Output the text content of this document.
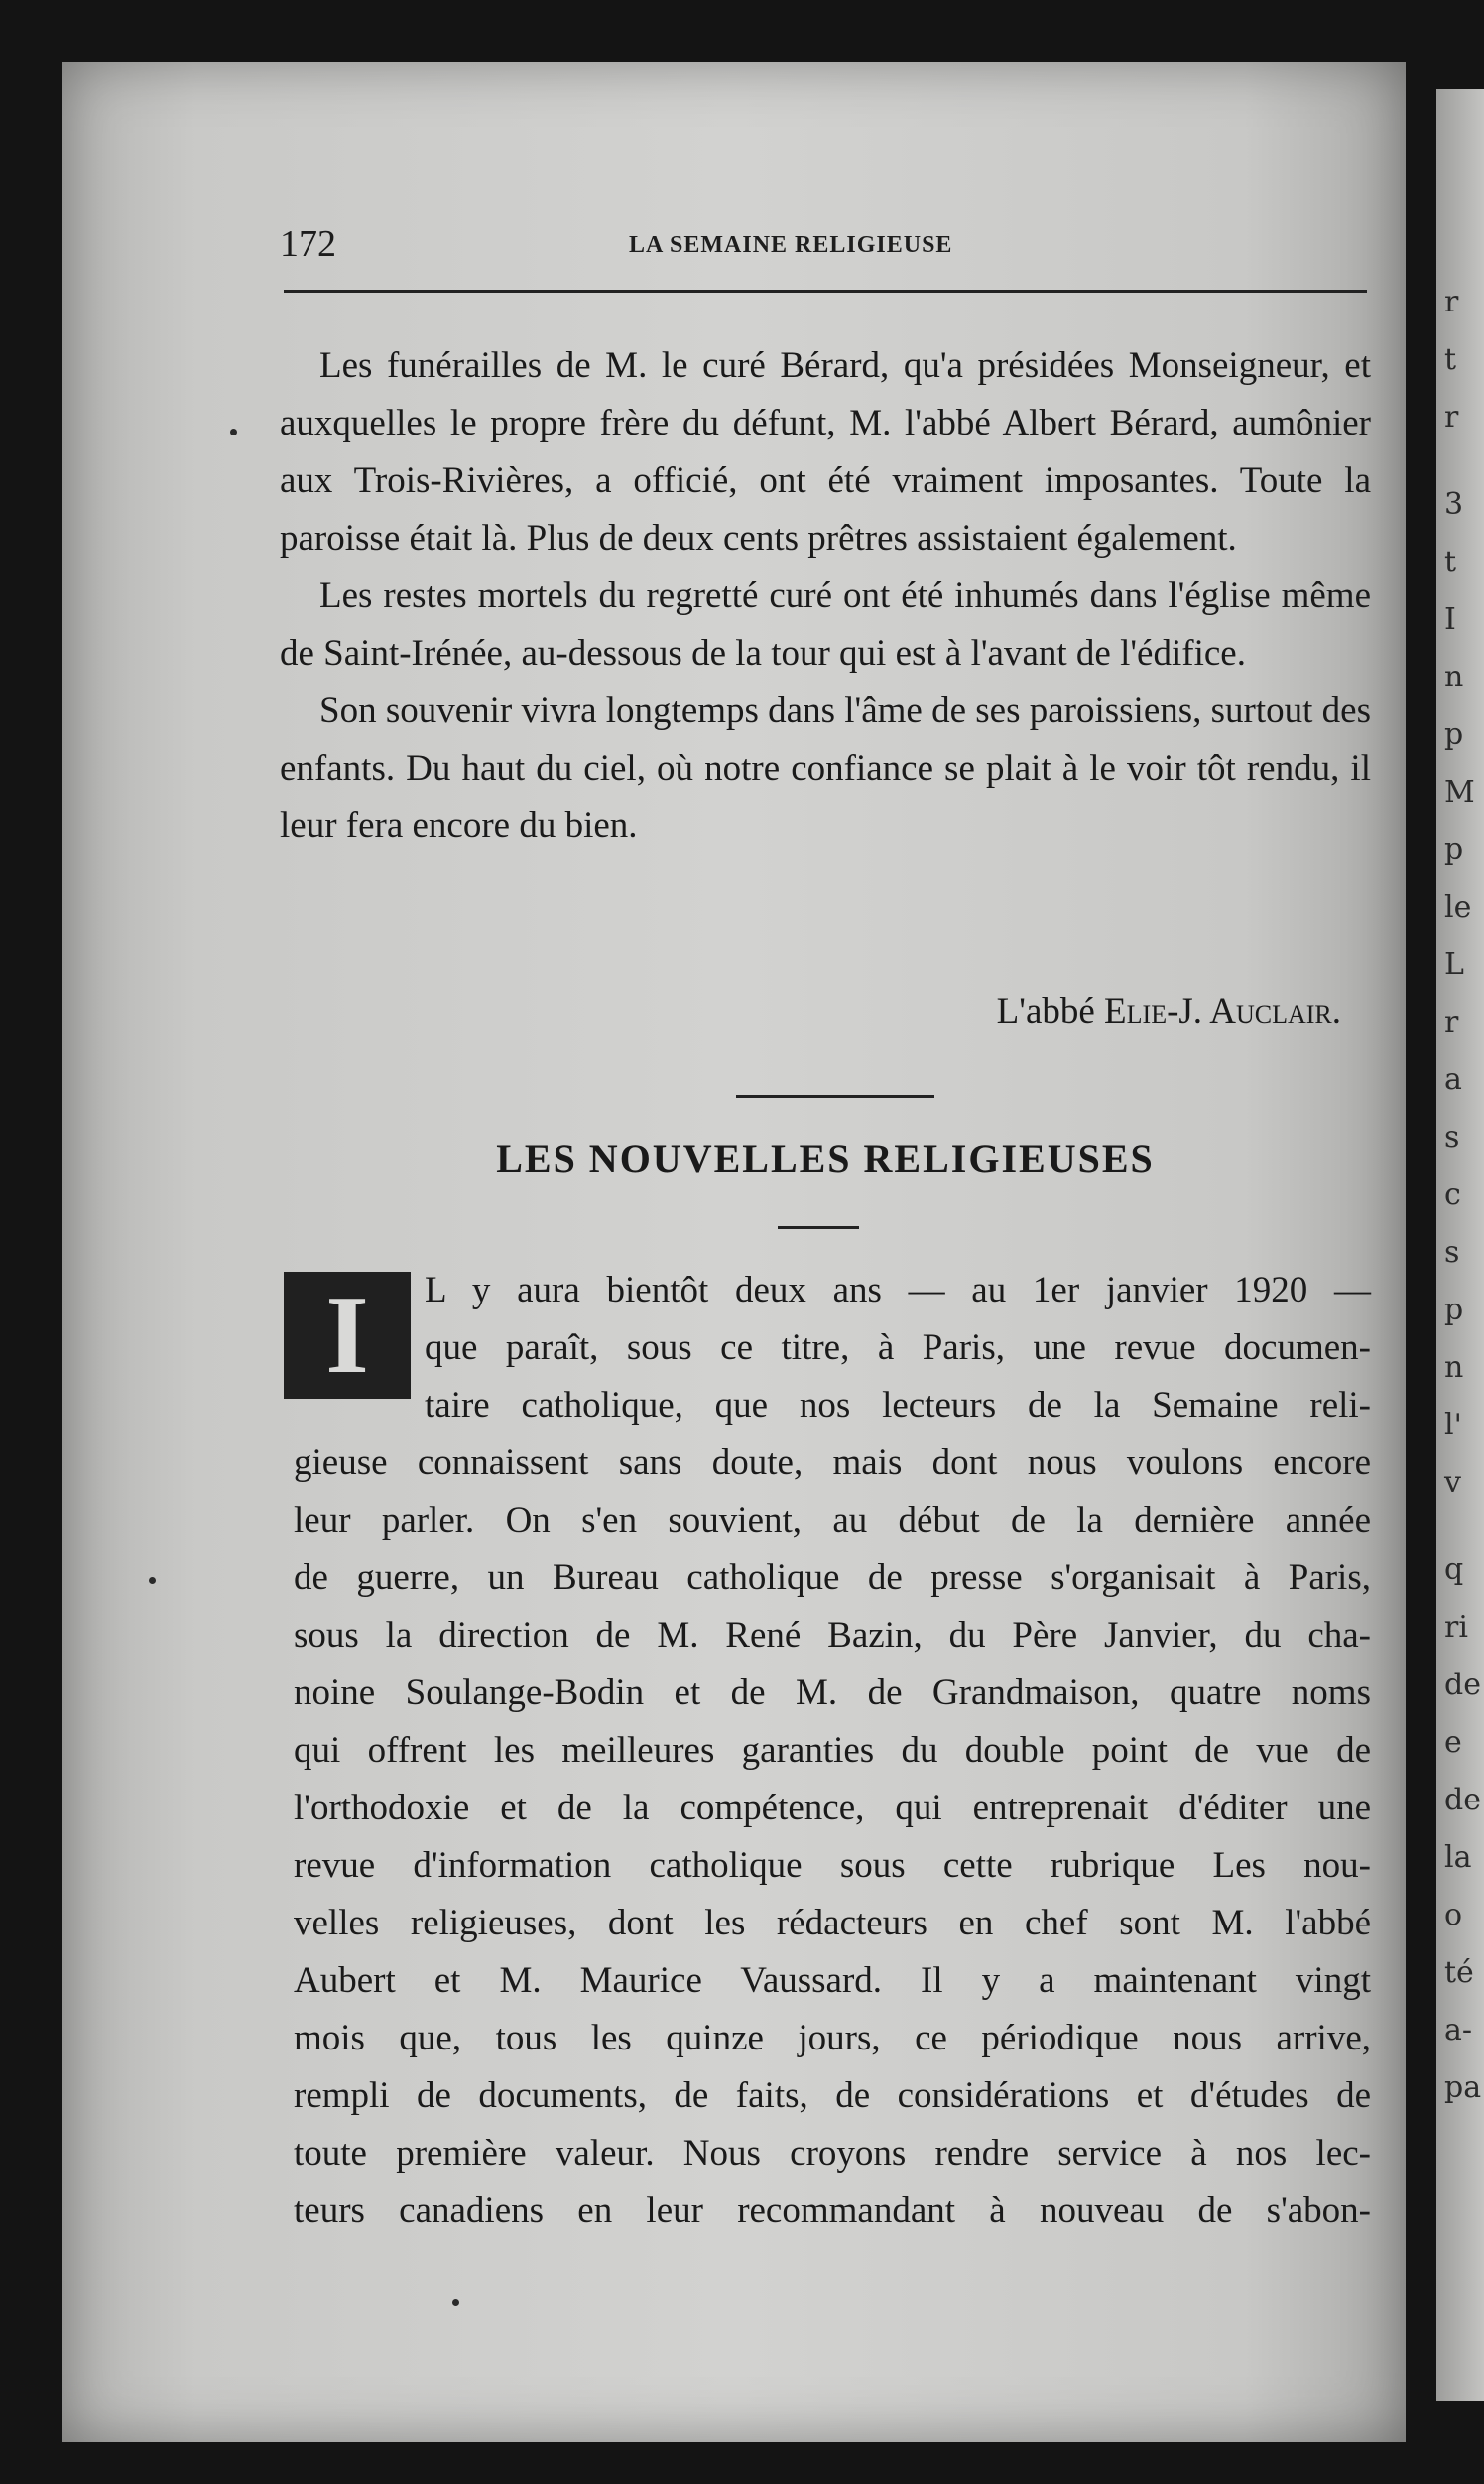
r
t
r
3
t
I
n
p
M
p
le
L
r
a
s
c
s
p
n
l'
v
q
ri
de
e
de
la
o
té
a-
pa
172	LA SEMAINE RELIGIEUSE

Les funérailles de M. le curé Bérard, qu'a présidées Monseigneur, et auxquelles le propre frère du défunt, M. l'abbé Albert Bérard, aumônier aux Trois-Rivières, a officié, ont été vraiment imposantes. Toute la paroisse était là. Plus de deux cents prêtres assistaient également.

Les restes mortels du regretté curé ont été inhumés dans l'église même de Saint-Irénée, au-dessous de la tour qui est à l'avant de l'édifice.

Son souvenir vivra longtemps dans l'âme de ses paroissiens, surtout des enfants. Du haut du ciel, où notre confiance se plait à le voir tôt rendu, il leur fera encore du bien.

L'abbé Elie-J. Auclair.
LES NOUVELLES RELIGIEUSES
I	L y aura bientôt deux ans — au 1er janvier 1920 —
que paraît, sous ce titre, à Paris, une revue documen-
taire catholique, que nos lecteurs de la Semaine reli-
gieuse connaissent sans doute, mais dont nous voulons encore
leur parler. On s'en souvient, au début de la dernière année
de guerre, un Bureau catholique de presse s'organisait à Paris,
sous la direction de M. René Bazin, du Père Janvier, du cha-
noine Soulange-Bodin et de M. de Grandmaison, quatre noms
qui offrent les meilleures garanties du double point de vue de
l'orthodoxie et de la compétence, qui entreprenait d'éditer une
revue d'information catholique sous cette rubrique Les nou-
velles religieuses, dont les rédacteurs en chef sont M. l'abbé
Aubert et M. Maurice Vaussard. Il y a maintenant vingt
mois que, tous les quinze jours, ce périodique nous arrive,
rempli de documents, de faits, de considérations et d'études de
toute première valeur. Nous croyons rendre service à nos lec-
teurs canadiens en leur recommandant à nouveau de s'abon-
